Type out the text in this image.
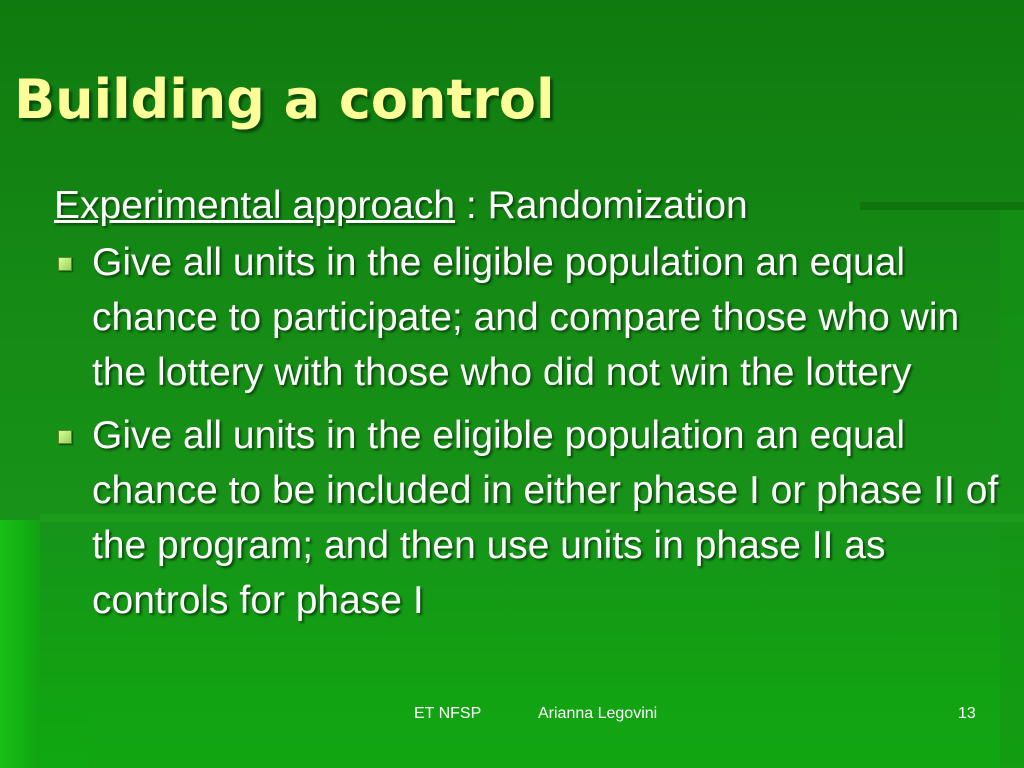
Building a control

Experimental approach : Randomization

Give all units in the eligible population an equal chance to participate; and compare those who win the lottery with those who did not win the lottery
Give all units in the eligible population an equal chance to be included in either phase I or phase II of the program; and then use units in phase II as controls for phase I
ET NFSP	Arianna Legovini	13
